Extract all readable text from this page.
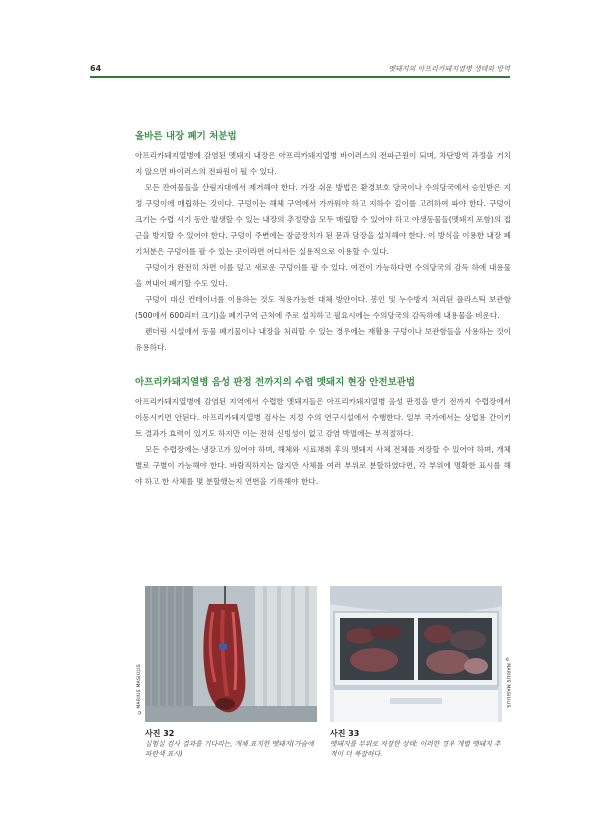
64	멧돼지의 아프리카돼지열병 생태와 방역
올바른 내장 폐기 처분법

아프리카돼지열병에 감염된 멧돼지 내장은 아프리카돼지열병 바이러스의 전파근원이 되며, 차단방역 과정을 거치지 않으면 바이러스의 전파원이 될 수 있다.

모든 잔여물들을 산림지대에서 제거해야 한다. 가장 쉬운 방법은 환경보호 당국이나 수의당국에서 승인받은 지정 구덩이에 매립하는 것이다. 구덩이는 해체 구역에서 가까워야 하고 지하수 깊이를 고려하여 파야 한다. 구덩이 크기는 수렵 시기 동안 발생할 수 있는 내장의 추정량을 모두 매립할 수 있어야 하고 야생동물들(멧돼지 포함)의 접근을 방지할 수 있어야 한다. 구덩이 주변에는 잠금장치가 된 문과 담장을 설치해야 한다. 이 방식을 이용한 내장 폐기처분은 구덩이를 팔 수 있는 곳이라면 어디서든 실용적으로 이용할 수 있다.

구덩이가 완전히 차면 이를 덮고 새로운 구덩이를 팔 수 있다. 여건이 가능하다면 수의당국의 감독 하에 내용물을 꺼내어 폐기할 수도 있다.

구덩이 대신 컨테이너를 이용하는 것도 적용가능한 대체 방안이다. 봉인 및 누수방지 처리된 플라스틱 보관함(500에서 600리터 크기)을 폐기구역 근처에 주로 설치하고 필요시에는 수의당국의 감독하에 내용물을 비운다.

렌더링 시설에서 동물 폐기물이나 내장을 처리할 수 있는 경우에는 재활용 구덩이나 보관함들을 사용하는 것이 유용하다.

아프리카돼지열병 음성 판정 전까지의 수렵 멧돼지 현장 안전보관법

아프리카돼지열병에 감염된 지역에서 수렵한 멧돼지들은 아프리카돼지열병 음성 판정을 받기 전까지 수렵장에서 이동시키면 안된다. 아프리카돼지열병 검사는 지정 수의 연구시설에서 수행한다. 일부 국가에서는 상업용 간이키트 결과가 효력이 있기도 하지만 이는 전혀 신빙성이 없고 감염 박멸에는 부적절하다.

모든 수렵장에는 냉장고가 있어야 하며, 해체와 시료채취 후의 멧돼지 사체 전체를 저장할 수 있어야 하며, 개체별로 구별이 가능해야 한다. 바람직하지는 않지만 사체를 여러 부위로 분할하였다면, 각 부위에 명확한 표시를 해야 하고 한 사체를 몇 분할했는지 연번을 기록해야 한다.

©MARIUS MASIULIS
사진 32
실험실 검사 결과를 기다리는, 개체 표지한 멧돼지(가슴에 파란색 표시)
©MARIUS MASIULIS
사진 33
멧돼지를 부위로 저장한 상태: 이러한 경우 개별 멧돼지 추적이 더 복잡하다.
